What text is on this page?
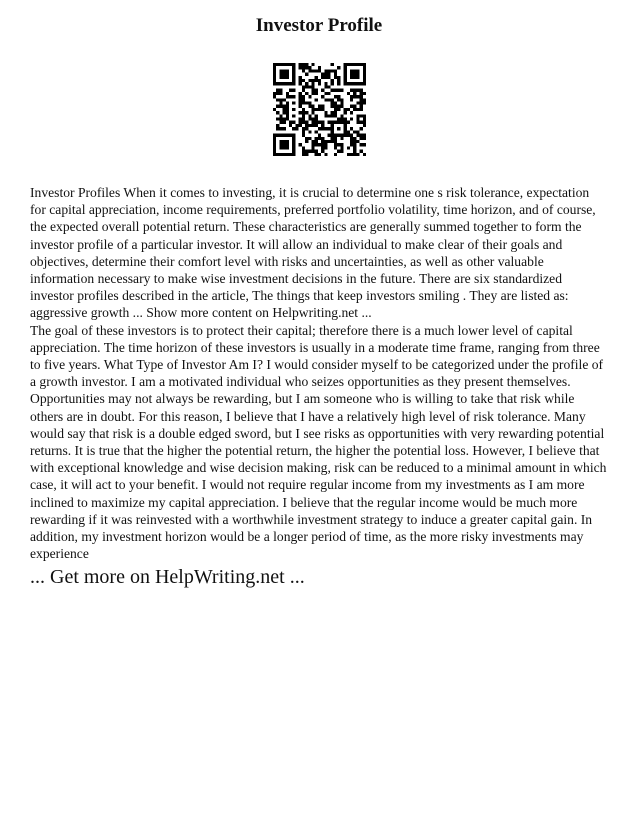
Investor Profile

Investor Profiles When it comes to investing, it is crucial to determine one s risk tolerance, expectation for capital appreciation, income requirements, preferred portfolio volatility, time horizon, and of course, the expected overall potential return. These characteristics are generally summed together to form the investor profile of a particular investor. It will allow an individual to make clear of their goals and objectives, determine their comfort level with risks and uncertainties, as well as other valuable information necessary to make wise investment decisions in the future. There are six standardized investor profiles described in the article, The things that keep investors smiling . They are listed as: aggressive growth ... Show more content on Helpwriting.net ...

The goal of these investors is to protect their capital; therefore there is a much lower level of capital appreciation. The time horizon of these investors is usually in a moderate time frame, ranging from three to five years. What Type of Investor Am I? I would consider myself to be categorized under the profile of a growth investor. I am a motivated individual who seizes opportunities as they present themselves. Opportunities may not always be rewarding, but I am someone who is willing to take that risk while others are in doubt. For this reason, I believe that I have a relatively high level of risk tolerance. Many would say that risk is a double edged sword, but I see risks as opportunities with very rewarding potential returns. It is true that the higher the potential return, the higher the potential loss. However, I believe that with exceptional knowledge and wise decision making, risk can be reduced to a minimal amount in which case, it will act to your benefit. I would not require regular income from my investments as I am more inclined to maximize my capital appreciation. I believe that the regular income would be much more rewarding if it was reinvested with a worthwhile investment strategy to induce a greater capital gain. In addition, my investment horizon would be a longer period of time, as the more risky investments may experience

... Get more on HelpWriting.net ...
